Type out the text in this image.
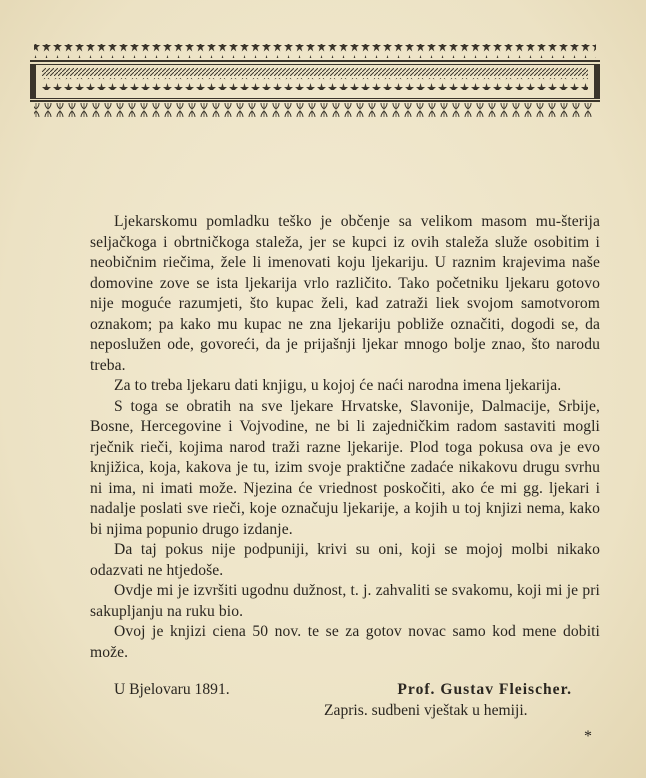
Ljekarskomu pomladku teško je občenje sa velikom masom mu-šterija seljačkoga i obrtničkoga staleža, jer se kupci iz ovih staleža služe osobitim i neobičnim riečima, žele li imenovati koju ljekariju. U raznim krajevima naše domovine zove se ista ljekarija vrlo različito. Tako početniku ljekaru gotovo nije moguće razumjeti, što kupac želi, kad zatraži liek svojom samotvorom oznakom; pa kako mu kupac ne zna ljekariju pobliže označiti, dogodi se, da neposlužen ode, govoreći, da je prijašnji ljekar mnogo bolje znao, što narodu treba.

Za to treba ljekaru dati knjigu, u kojoj će naći narodna imena ljekarija.

S toga se obratih na sve ljekare Hrvatske, Slavonije, Dalmacije, Srbije, Bosne, Hercegovine i Vojvodine, ne bi li zajedničkim radom sastaviti mogli rječnik rieči, kojima narod traži razne ljekarije. Plod toga pokusa ova je evo knjižica, koja, kakova je tu, izim svoje praktične zadaće nikakovu drugu svrhu ni ima, ni imati može. Njezina će vriednost poskočiti, ako će mi gg. ljekari i nadalje poslati sve rieči, koje označuju ljekarije, a kojih u toj knjizi nema, kako bi njima popunio drugo izdanje.

Da taj pokus nije podpuniji, krivi su oni, koji se mojoj molbi nikako odazvati ne htjedoše.

Ovdje mi je izvršiti ugodnu dužnost, t. j. zahvaliti se svakomu, koji mi je pri sakupljanju na ruku bio.

Ovoj je knjizi ciena 50 nov. te se za gotov novac samo kod mene dobiti može.

U Bjelovaru 1891.	Prof. Gustav Fleischer.
Zapris. sudbeni vještak u hemiji.
*
